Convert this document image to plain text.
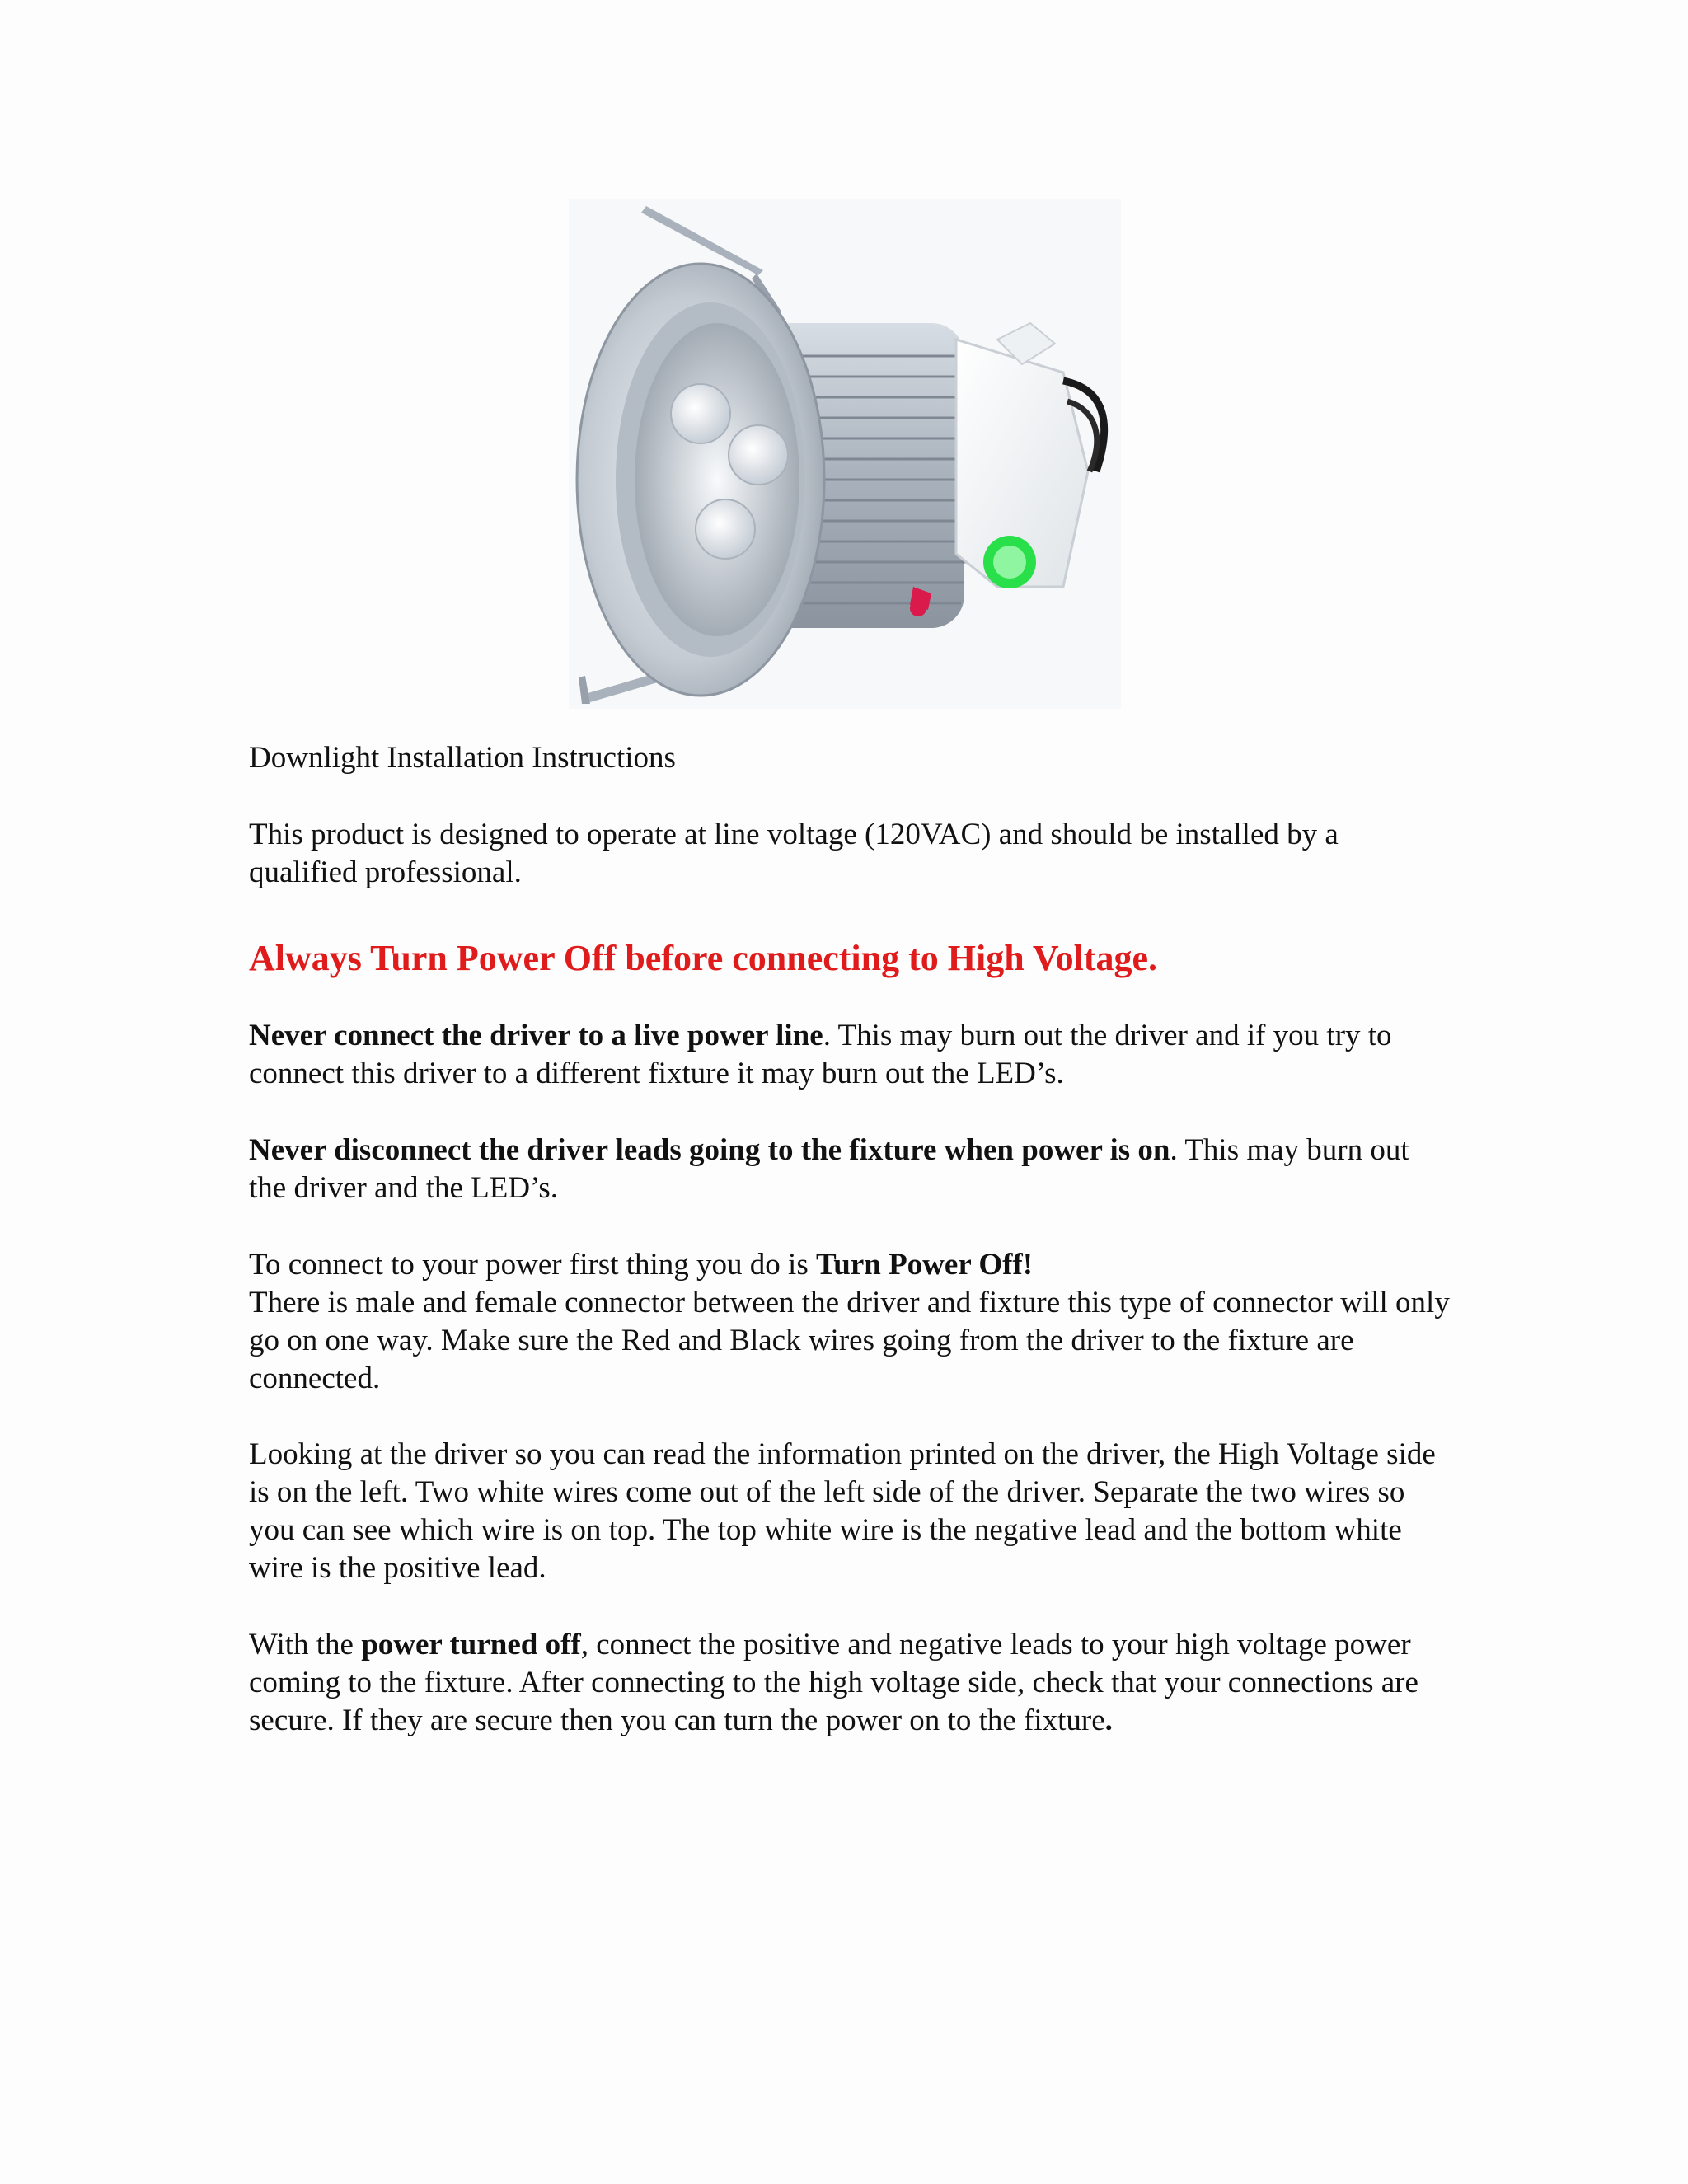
Downlight Installation Instructions

This product is designed to operate at line voltage (120VAC) and should be installed by a qualified professional.

Always Turn Power Off before connecting to High Voltage.

Never connect the driver to a live power line. This may burn out the driver and if you try to connect this driver to a different fixture it may burn out the LED’s.

Never disconnect the driver leads going to the fixture when power is on. This may burn out the driver and the LED’s.

To connect to your power first thing you do is Turn Power Off!
There is male and female connector between the driver and fixture this type of connector will only go on one way. Make sure the Red and Black wires going from the driver to the fixture are connected.

Looking at the driver so you can read the information printed on the driver, the High Voltage side is on the left. Two white wires come out of the left side of the driver. Separate the two wires so you can see which wire is on top. The top white wire is the negative lead and the bottom white wire is the positive lead.

With the power turned off, connect the positive and negative leads to your high voltage power coming to the fixture. After connecting to the high voltage side, check that your connections are secure. If they are secure then you can turn the power on to the fixture.
